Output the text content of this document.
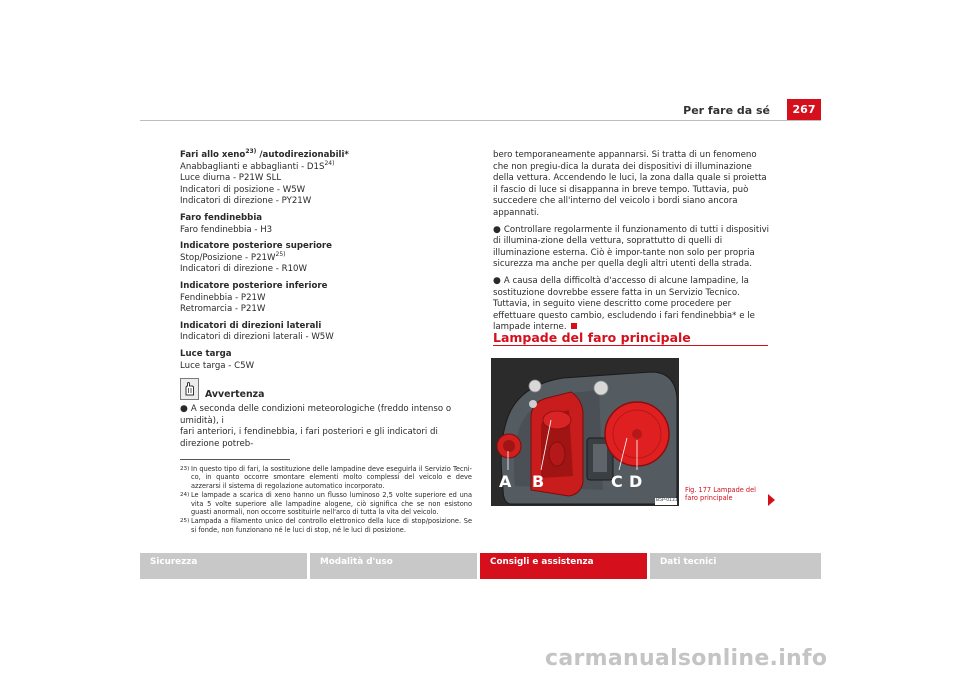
Per fare da sé	267
Fari allo xeno$^{23)}$ /autodirezionabili*
Anabbaglianti e abbaglianti - $D1S^{24)}$
Luce diurna - P21W SLL
Indicatori di posizione - W5W
Indicatori di direzione - PY21W
Faro fendinebbia
Faro fendinebbia - H3
Indicatore posteriore superiore
Stop/Posizione - $P21W^{25)}$
Indicatori di direzione - R10W
Indicatore posteriore inferiore
Fendinebbia - P21W
Retromarcia - P21W
Indicatori di direzioni laterali
Indicatori di direzioni laterali - W5W
Luce targa
Luce targa - C5W
Avvertenza
● A seconda delle condizioni meteorologiche (freddo intenso o umidità), i
fari anteriori, i fendinebbia, i fari posteriori e gli indicatori di direzione potreb-
23) In questo tipo di fari, la sostituzione delle lampadine deve eseguirla il Servizio Tecni-co, in quanto occorre smontare elementi molto complessi del veicolo e deve azzerarsi il sistema di regolazione automatico incorporato.
24) Le lampade a scarica di xeno hanno un flusso luminoso 2,5 volte superiore ed una vita 5 volte superiore alle lampadine alogene, ciò significa che se non esistono guasti anormali, non occorre sostituirle nell'arco di tutta la vita del veicolo.
25) Lampada a filamento unico del controllo elettronico della luce di stop/posizione. Se si fonde, non funzionano né le luci di stop, né le luci di posizione.

bero temporaneamente appannarsi. Si tratta di un fenomeno che non pregiu-dica la durata dei dispositivi di illuminazione della vettura. Accendendo le luci, la zona dalla quale si proietta il fascio di luce si disappanna in breve tempo. Tuttavia, può succedere che all'interno del veicolo i bordi siano ancora appannati.

● Controllare regolarmente il funzionamento di tutti i dispositivi di illumina-zione della vettura, soprattutto di quelli di illuminazione esterna. Ciò è impor-tante non solo per propria sicurezza ma anche per quella degli altri utenti della strada.

● A causa della difficoltà d'accesso di alcune lampadine, la sostituzione dovrebbe essere fatta in un Servizio Tecnico. Tuttavia, in seguito viene descritto come procedere per effettuare questo cambio, escludendo i fari fendinebbia* e le lampade interne.

Lampade del faro principale
A B	C D
B5P-0131
Fig. 177 Lampade del faro principale
Sicurezza	Modalità d'uso	Consigli e assistenza	Dati tecnici
carmanualsonline.info
